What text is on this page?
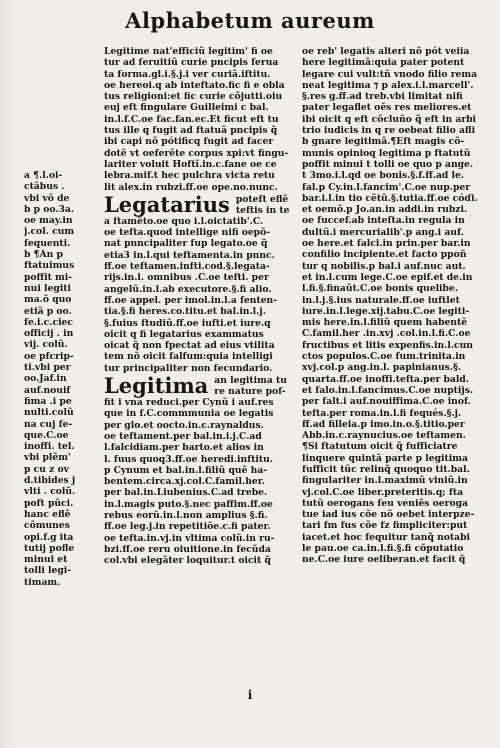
Alphabetum aureum
a ¶.l.oi-
ctãbus .
vbi võ de
b p oo.3a.
oe may.in
j.col. cum
fequenti.
b ¶An p
ftatuimus
poffit mi-
nui legiti
ma.õ quo
etiã p oo.
fe.i.c.ciec
officij . in
vij. colũ.
oe pfcrip-
ti.vbi per
oo.Jaf.in
auf.nouif
fima .i pe
nulti.colũ
na cuj fe-
que.C.oe
inoffi. tel.
vbi plẽm'
p cu z ov
d.tibides j
vlti . colũ.
poft pũci.
hanc eflẽ
cõmunes
opi.f.g ita
tutij pofle
minui et
tolli legi-
timam.
Legitime nat'efficiũ legitim' fi oe
tur ad feruitiũ curie pncipis ferua
ta forma.gl.i.§.j.i ver curiã.iftitu.
oe hereoi.q ab inteftato.fic fi e obla
tus religioni:et fic curie cõjutti.oiu
euj eft fingulare Guilleimi c bal.
in.l.f.C.oe fac.fan.ec.Et ficut eft tu
tus ille q fugit ad ftatuã pncipis q̃
ibi capi nõ pótificq fugit ad facer
dotẽ vt oeferẽte corpus xpi:vt fingu-
lariter voluit Hoftĩ.in.c.fane oe ce
lebra.mif.t hec pulchra victa retu
lit alex.in rubzi.ff.oe ope.no.nunc.
Legatarius poteft eflẽ
teftis in te
a ftamẽto.oe quo i.l.oictatib'.C.
oe tefta.quod intellige nifi oepõ-
nat pnncipaliter fup legato.oe q̃
etia3 in.l.qui teftamenta.in pnnc.
ff.oe teftamen.infti.cod.§.legata-
rijs.in.l. omnibus .C.oe tefti. per
angelũ.in.l.ab executore.§.fi alio.
ff.oe appel. per imol.in.l.a fenten-
tia.§.fi heres.co.titu.et bal.in.l.j.
§.fuius ftudiũ.ff.oe iufti.et iure.q
oicit q fi legatarius exammatus
oicat q̃ non fpectat ad eius vtilita
tem nõ oicit falfum:quia intelligi
tur principaliter non fecundario.
Legitima an legitima tu
re nature pof-
fit i vna reduci.per Cynũ i auf.res
que in f.C.commmunia oe legatis
per glo.et oocto.in.c.raynaldus.
oe teftament.per bal.in.i.j.C.ad
l.falcidiam.per barto.et alios in
l. fuus quoq3.ff.oe heredi.inftitu.
p Cynum et bal.in.l.filiũ quẽ ha-
bentem.circa.xj.col.C.famil.her.
per bal.in.Liubenius.C.ad trebe.
in.l.magis puto.§.nec paffim.ff.oe
rebus eorũ.in.l.non amplius §.fi.
ff.oe leg.j.in repetitiõe.c.fi pater.
oe tefta.in.vj.in vltima colũ.in ru-
bzi.ff.oe reru oiuitione.in fecũda
col.vbi elegãter loquitur.t oicit q̃
oe reb' legatis alteri nõ pót veiia
here legitimã:quia pater potent
legare cui vult:tñ vnodo filio rema
neat legitima ⁊ p alex.i.l.marcell'.
§.res g.ff.ad treb.vbi limitat nifi
pater legaflet oẽs res meliores.et
ibi oicit q eft cõcluño q̃ eft in arbi
trio iudicis in q re oebeat filio afli
b gnare legitimã.¶Eft magis cõ-
munis opinioq legitima p ftatutũ
poffit minui t tolli oe quo p ange.
t 3mo.i.l.qd oe bonis.§.f.ff.ad le.
fal.p Cy.in.l.fancim'.C.oe nup.per
bar.i.l.in tio cẽtũ.§.tutia.ff.oe cóɗi.
et oemõ.p Jo.an.in addi.in rubzi.
oe fuccef.ab inteſta.in regula in
dultũ.i mercurialib'.p ang.i auf.
oe here.et falci.in prin.per bar.in
confilio incipiente.et facto ppoñ
tur q nobilis.p bal.i auf.nuc aut.
et in.l.cum lege.C.oe epif.et de.in
l.fi.§.finaũt.C.oe bonis quelibe.
in.l.j.§.ius naturale.ff.oe iuftlet
iure.in.l.lege.xij.tabu.C.oe legiti-
mis here.in.l.filiũ quem habentẽ
C.famil.her .in.xvj .col.in.l.fi.C.oe
fructibus et litis expenfis.in.l.cun
ctos populos.C.oe fum.trinita.in
xvj.col.p ang.in.l. papinianus.§.
quarta.ff.oe inoffi.tefta.per bald.
et falo.in.l.fancimus.C.oe nuptijs.
per falt.i auf.nouiffima.C.oe inof.
tefta.per roma.in.l.fi fequés.§.j.
ff.ad filleia.p imo.in.o.§.titio.per
Abb.in.c.raynucius.oe teftamen.
¶Si ftatutum oicit q̃ fufficiatre
linquere quintã parte p legitima
fufficit tũc relinq̃ quoquo tit.bal.
fingulariter in.l.maximũ viniũ.in
vj.col.C.oe liber.preteritis.q; fta
tutũ oerogans feu veniẽs oeroga
tue iad ius cõe nõ oebet interpze-
tari fm fus cõe fz fimpliciter:put
iacet.et hoc fequitur tanq̃ notabi
le pau.oe ca.in.l.fi.§.fi cõputatio
ne.C.oe iure oeliberan.et facit q̃
i
